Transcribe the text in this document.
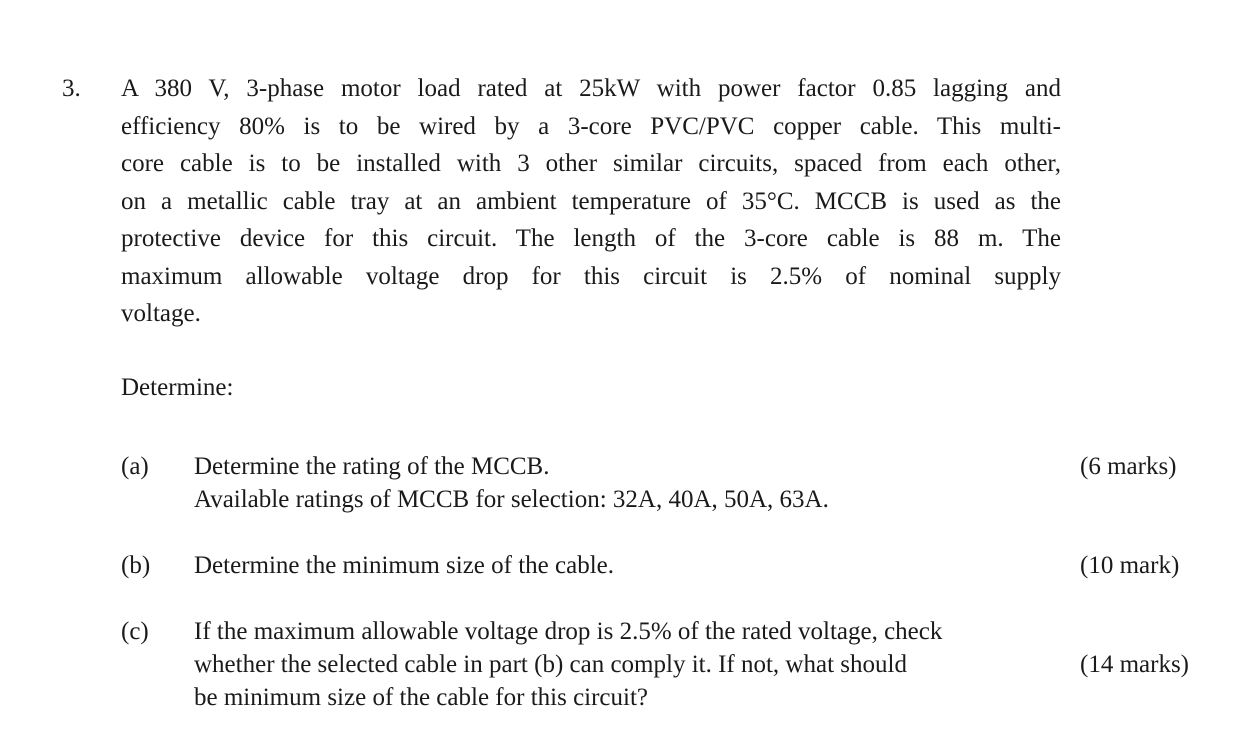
3. A 380 V, 3-phase motor load rated at 25kW with power factor 0.85 lagging and
efficiency 80% is to be wired by a 3-core PVC/PVC copper cable. This multi-
core cable is to be installed with 3 other similar circuits, spaced from each other,
on a metallic cable tray at an ambient temperature of 35°C. MCCB is used as the
protective device for this circuit. The length of the 3-core cable is 88 m. The
maximum allowable voltage drop for this circuit is 2.5% of nominal supply
voltage.
Determine:
(a) Determine the rating of the MCCB.
Available ratings of MCCB for selection: 32A, 40A, 50A, 63A.
(6 marks)
(b) Determine the minimum size of the cable.	(10 mark)
(c) If the maximum allowable voltage drop is 2.5% of the rated voltage, check
whether the selected cable in part (b) can comply it. If not, what should
be minimum size of the cable for this circuit?
(14 marks)
